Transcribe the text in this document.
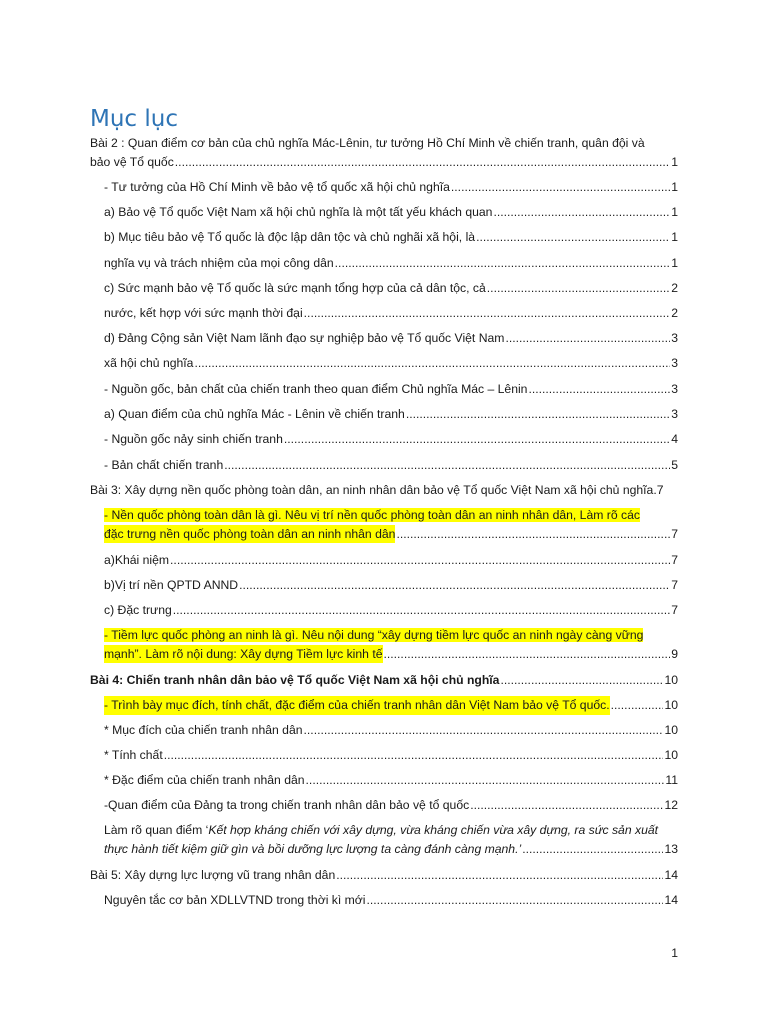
Mục lục
Bài 2 : Quan điểm cơ bản của chủ nghĩa Mác-Lênin, tư tưởng Hồ Chí Minh về chiến tranh, quân đội và
bảo vệ Tổ quốc .....	1
- Tư tưởng của Hồ Chí Minh về bảo vệ tổ quốc xã hội chủ nghĩa .....	1
a) Bảo vệ Tổ quốc Việt Nam xã hội chủ nghĩa là một tất yếu khách quan .....	1
b) Mục tiêu bảo vệ Tổ quốc là độc lập dân tộc và chủ nghãi xã hội, là .....	1
nghĩa vụ và trách nhiệm của mọi công dân .....	1
c) Sức mạnh bảo vệ Tổ quốc là sức mạnh tổng hợp của cả dân tộc, cả .....	2
nước, kết hợp với sức mạnh thời đại .....	2
d) Đảng Cộng sản Việt Nam lãnh đạo sự nghiệp bảo vệ Tổ quốc Việt Nam .....	3
xã hội chủ nghĩa .....	3
- Nguồn gốc, bản chất của chiến tranh theo quan điểm Chủ nghĩa Mác – Lênin .....	3
a) Quan điểm của chủ nghĩa Mác - Lênin về chiến tranh .....	3
- Nguồn gốc nảy sinh chiến tranh .....	4
- Bản chất chiến tranh .....	5
Bài 3: Xây dựng nền quốc phòng toàn dân, an ninh nhân dân bảo vệ Tổ quốc Việt Nam xã hội chủ nghĩa. 7
- Nền quốc phòng toàn dân là gì. Nêu vị trí nền quốc phòng toàn dân an ninh nhân dân, Làm rõ các
đặc trưng nền quốc phòng toàn dân an ninh nhân dân .....	7
a)Khái niệm .....	7
b)Vị trí nền QPTD ANND .....	7
c) Đặc trưng .....	7
- Tiềm lực quốc phòng an ninh là gì. Nêu nội dung “xây dựng tiềm lực quốc an ninh ngày càng vững
mạnh”. Làm rõ nội dung: Xây dựng Tiềm lực kinh tế .....	9
Bài 4: Chiến tranh nhân dân bảo vệ Tổ quốc Việt Nam xã hội chủ nghĩa .....	10
- Trình bày mục đích, tính chất, đặc điểm của chiến tranh nhân dân Việt Nam bảo vệ Tổ quốc. .....	10
* Mục đích của chiến tranh nhân dân .....	10
* Tính chất .....	10
* Đặc điểm của chiến tranh nhân dân .....	11
-Quan điểm của Đảng ta trong chiến tranh nhân dân bảo vệ tổ quốc .....	12
Làm rõ quan điểm ‘Kết hợp kháng chiến với xây dựng, vừa kháng chiến vừa xây dựng, ra sức sản xuất
thực hành tiết kiệm giữ gìn và bồi dưỡng lực lượng ta càng đánh càng mạnh.’ .....	13
Bài 5: Xây dựng lực lượng vũ trang nhân dân .....	14
Nguyên tắc cơ bản XDLLVTND trong thời kì mới .....	14
1
